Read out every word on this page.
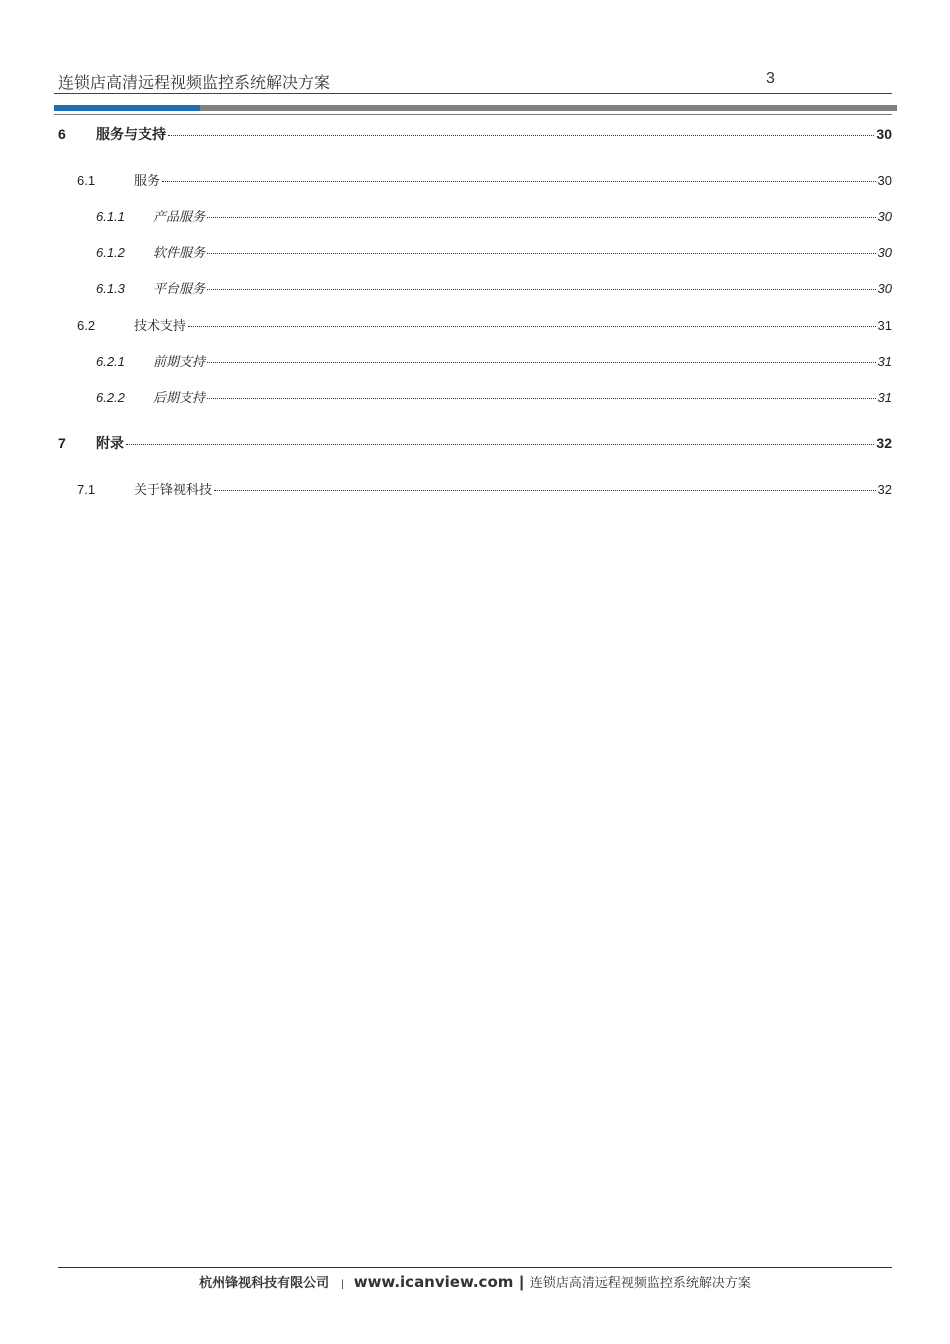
连锁店高清远程视频监控系统解决方案	3
6	服务与支持	30
6.1	服务	30
6.1.1	产品服务	30
6.1.2	软件服务	30
6.1.3	平台服务	30
6.2	技术支持	31
6.2.1	前期支持	31
6.2.2	后期支持	31
7	附录	32
7.1	关于锋视科技	32
杭州锋视科技有限公司 | www.icanview.com | 连锁店高清远程视频监控系统解决方案
